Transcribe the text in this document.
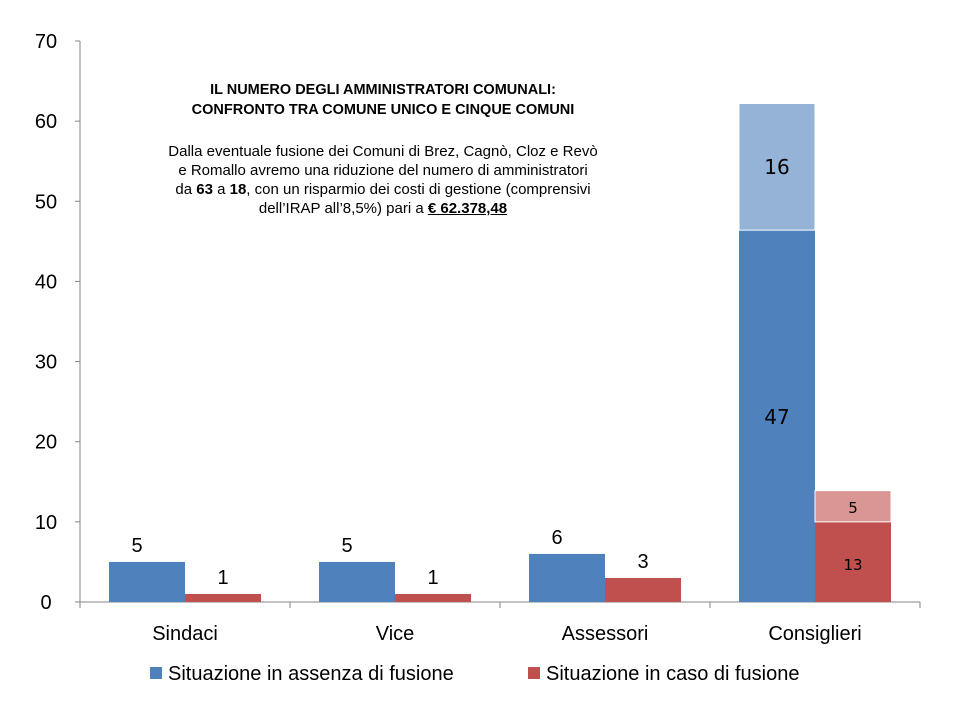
0
10
20
30
40
50
60
70
Sindaci	Vice	Assessori	Consiglieri
5	5	6
47
16
1	1
3	13
5
Situazione in assenza di fusione	Situazione in caso di fusione
IL NUMERO DEGLI AMMINISTRATORI COMUNALI: CONFRONTO TRA COMUNE UNICO E CINQUE COMUNI
Dalla eventuale fusione dei Comuni di Brez, Cagnò, Cloz e Revò e Romallo avremo una riduzione del numero di amministratori da 63 a 18, con un risparmio dei costi di gestione (comprensivi dell’IRAP all’8,5%) pari a € 62.378,48
